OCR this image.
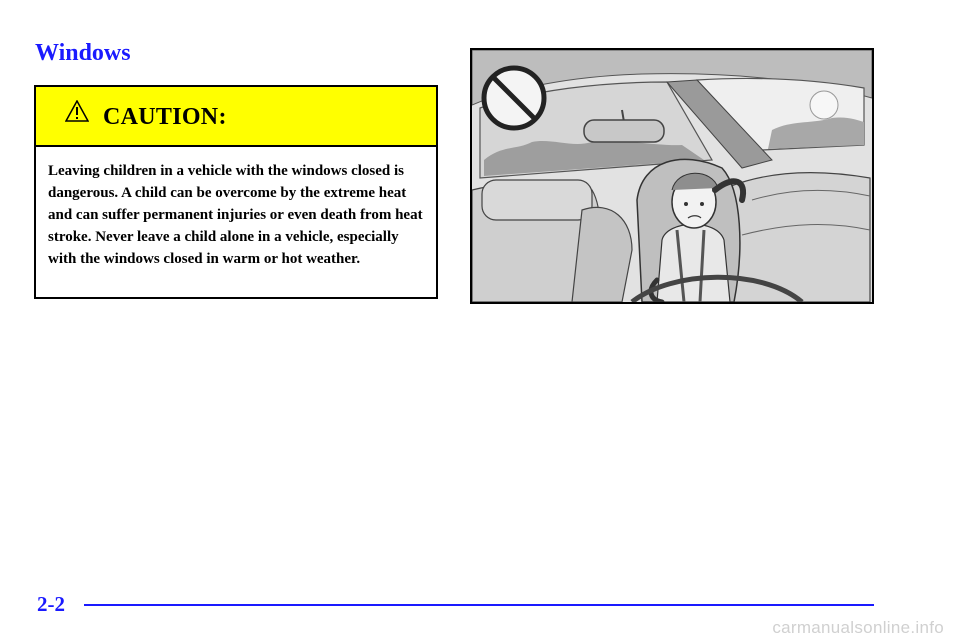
Windows
CAUTION:
Leaving children in a vehicle with the windows closed is dangerous. A child can be overcome by the extreme heat and can suffer permanent injuries or even death from heat stroke. Never leave a child alone in a vehicle, especially with the windows closed in warm or hot weather.
2-2
carmanualsonline.info
